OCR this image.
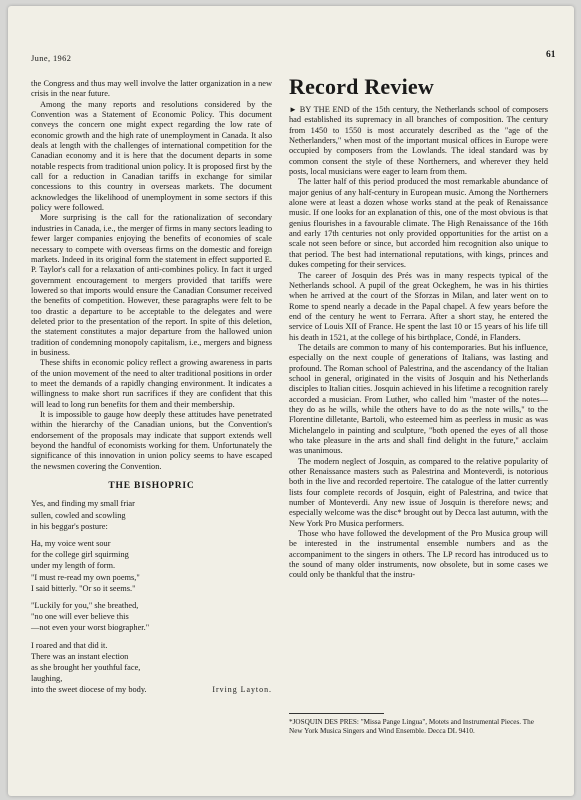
June, 1962	61

the Congress and thus may well involve the latter organization in a new crisis in the near future.

Among the many reports and resolutions considered by the Convention was a Statement of Economic Policy. This document conveys the concern one might expect regarding the low rate of economic growth and the high rate of unemployment in Canada. It also deals at length with the challenges of international competition for the Canadian economy and it is here that the document departs in some notable respects from traditional union policy. It is proposed first by the call for a reduction in Canadian tariffs in exchange for similar concessions to this country in overseas markets. The document acknowledges the likelihood of unemployment in some sectors if this policy were followed.

More surprising is the call for the rationalization of secondary industries in Canada, i.e., the merger of firms in many sectors leading to fewer larger companies enjoying the benefits of economies of scale necessary to compete with overseas firms on the domestic and foreign markets. Indeed in its original form the statement in effect supported E. P. Taylor's call for a relaxation of anti-combines policy. In fact it urged government encouragement to mergers provided that tariffs were lowered so that imports would ensure the Canadian Consumer received the benefits of competition. However, these paragraphs were felt to be too drastic a departure to be acceptable to the delegates and were deleted prior to the presentation of the report. In spite of this deletion, the statement constitutes a major departure from the hallowed union tradition of condemning monopoly capitalism, i.e., mergers and bigness in business.

These shifts in economic policy reflect a growing awareness in parts of the union movement of the need to alter traditional positions in order to meet the demands of a rapidly changing environment. It indicates a willingness to make short run sacrifices if they are confident that this will lead to long run benefits for them and their membership.

It is impossible to gauge how deeply these attitudes have penetrated within the hierarchy of the Canadian unions, but the Convention's endorsement of the proposals may indicate that support extends well beyond the handful of economists working for them. Unfortunately the significance of this innovation in union policy seems to have escaped the newsmen covering the Convention.

THE BISHOPRIC
Yes, and finding my small friar
sullen, cowled and scowling
in his beggar's posture:
Ha, my voice went sour
for the college girl squirming
under my length of form.
"I must re-read my own poems,"
I said bitterly. "Or so it seems."
"Luckily for you," she breathed,
"no one will ever believe this
—not even your worst biographer."
I roared and that did it.
There was an instant election
as she brought her youthful face,
laughing,
into the sweet diocese of my body.	Irving Layton.
Record Review

► BY THE END of the 15th century, the Netherlands school of composers had established its supremacy in all branches of composition. The century from 1450 to 1550 is most accurately described as the "age of the Netherlanders," when most of the important musical offices in Europe were occupied by composers from the Lowlands. The ideal standard was by common consent the style of these Northerners, and wherever they held posts, local musicians were eager to learn from them.

The latter half of this period produced the most remarkable abundance of major genius of any half-century in European music. Among the Northerners alone were at least a dozen whose works stand at the peak of Renaissance music. If one looks for an explanation of this, one of the most obvious is that genius flourishes in a favourable climate. The High Renaissance of the 16th and early 17th centuries not only provided opportunities for the artist on a scale not seen before or since, but accorded him recognition also unique to that period. The best had international reputations, with kings, princes and dukes competing for their services.

The career of Josquin des Prés was in many respects typical of the Netherlands school. A pupil of the great Ockeghem, he was in his thirties when he arrived at the court of the Sforzas in Milan, and later went on to Rome to spend nearly a decade in the Papal chapel. A few years before the end of the century he went to Ferrara. After a short stay, he entered the service of Louis XII of France. He spent the last 10 or 15 years of his life till his death in 1521, at the college of his birthplace, Condé, in Flanders.

The details are common to many of his contemporaries. But his influence, especially on the next couple of generations of Italians, was lasting and profound. The Roman school of Palestrina, and the ascendancy of the Italian school in general, originated in the visits of Josquin and his Netherlands disciples to Italian cities. Josquin achieved in his lifetime a recognition rarely accorded a musician. From Luther, who called him "master of the notes—they do as he wills, while the others have to do as the note wills," to the Florentine dilletante, Bartoli, who esteemed him as peerless in music as was Michelangelo in painting and sculpture, "both opened the eyes of all those who take pleasure in the arts and shall find delight in the future," acclaim was unanimous.

The modern neglect of Josquin, as compared to the relative popularity of other Renaissance masters such as Palestrina and Monteverdi, is notorious both in the live and recorded repertoire. The catalogue of the latter currently lists four complete records of Josquin, eight of Palestrina, and twice that number of Monteverdi. Any new issue of Josquin is therefore news; and especially welcome was the disc* brought out by Decca last autumn, with the New York Pro Musica performers.

Those who have followed the development of the Pro Musica group will be interested in the instrumental ensemble numbers and as the accompaniment to the singers in others. The LP record has introduced us to the sound of many older instruments, now obsolete, but in some cases we could only be thankful that the instru-

*JOSQUIN DES PRES: "Missa Pange Lingua", Motets and Instrumental Pieces. The New York Musica Singers and Wind Ensemble. Decca DL 9410.
